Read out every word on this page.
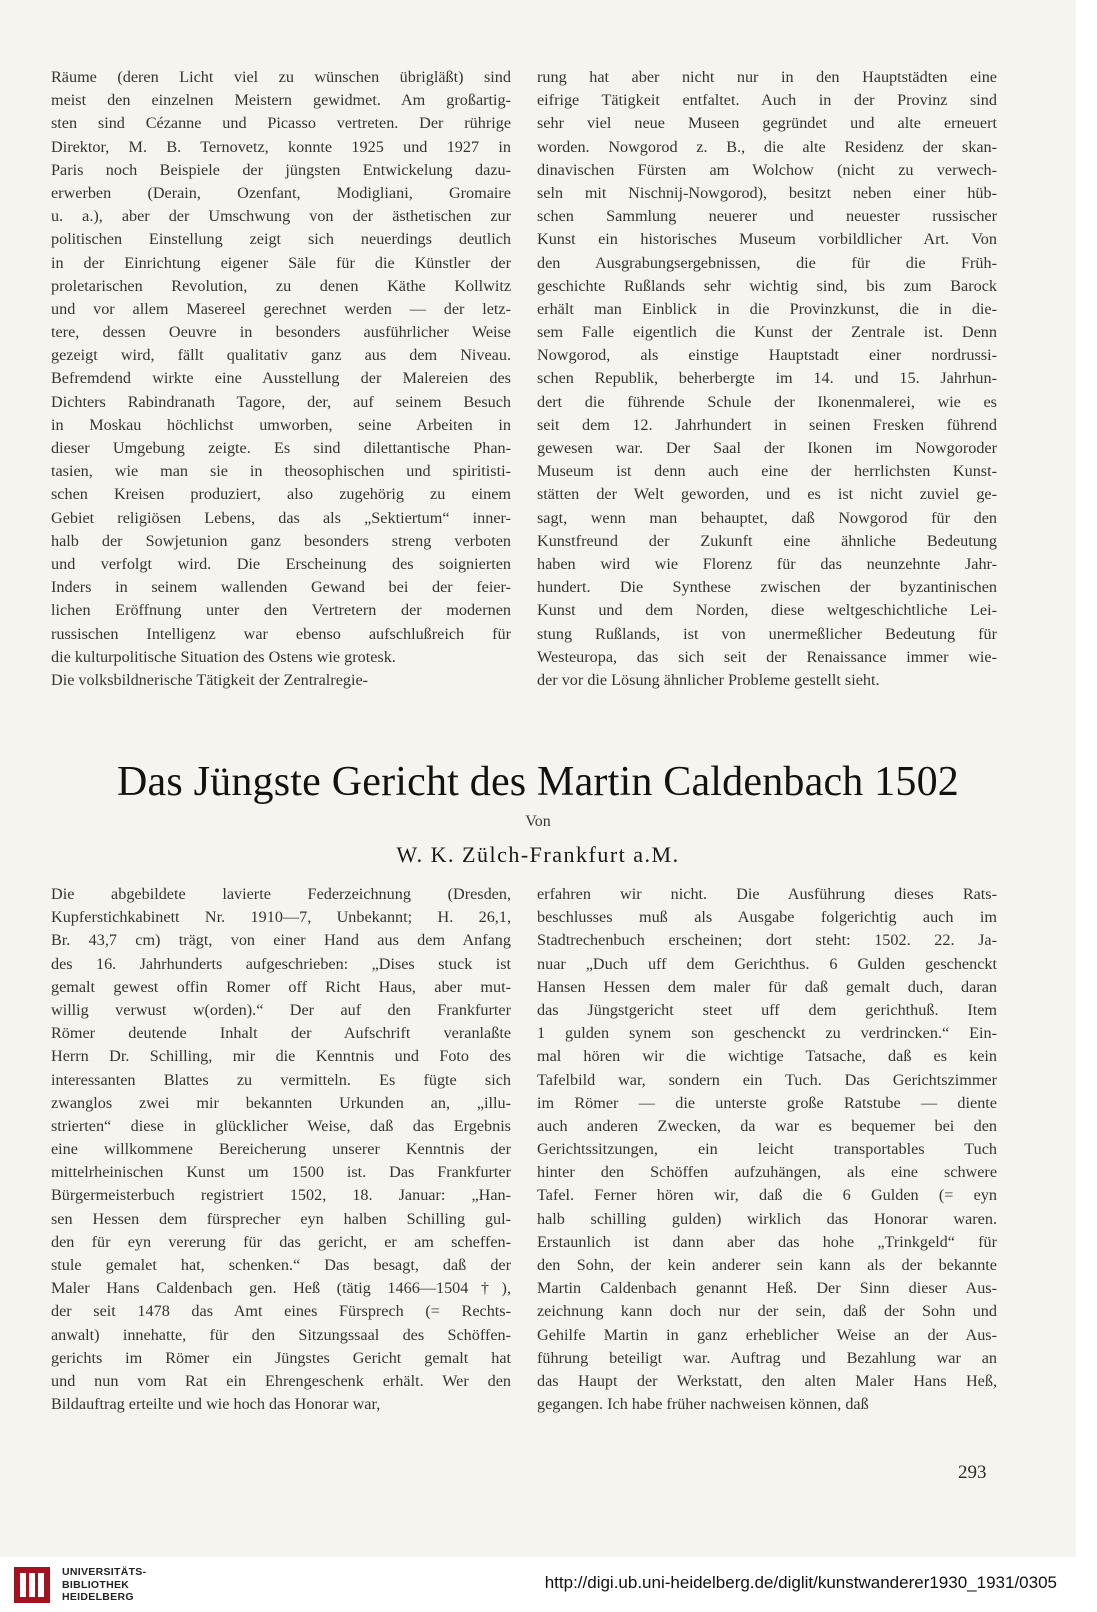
Räume (deren Licht viel zu wünschen übrigläßt) sind
meist den einzelnen Meistern gewidmet. Am großartig-
sten sind Cézanne und Picasso vertreten. Der rührige
Direktor, M. B. Ternovetz, konnte 1925 und 1927 in
Paris noch Beispiele der jüngsten Entwickelung dazu-
erwerben (Derain, Ozenfant, Modigliani, Gromaire
u. a.), aber der Umschwung von der ästhetischen zur
politischen Einstellung zeigt sich neuerdings deutlich
in der Einrichtung eigener Säle für die Künstler der
proletarischen Revolution, zu denen Käthe Kollwitz
und vor allem Masereel gerechnet werden — der letz-
tere, dessen Oeuvre in besonders ausführlicher Weise
gezeigt wird, fällt qualitativ ganz aus dem Niveau.
Befremdend wirkte eine Ausstellung der Malereien des
Dichters Rabindranath Tagore, der, auf seinem Besuch
in Moskau höchlichst umworben, seine Arbeiten in
dieser Umgebung zeigte. Es sind dilettantische Phan-
tasien, wie man sie in theosophischen und spiritisti-
schen Kreisen produziert, also zugehörig zu einem
Gebiet religiösen Lebens, das als „Sektiertum“ inner-
halb der Sowjetunion ganz besonders streng verboten
und verfolgt wird. Die Erscheinung des soignierten
Inders in seinem wallenden Gewand bei der feier-
lichen Eröffnung unter den Vertretern der modernen
russischen Intelligenz war ebenso aufschlußreich für
die kulturpolitische Situation des Ostens wie grotesk.
Die volksbildnerische Tätigkeit der Zentralregie-
rung hat aber nicht nur in den Hauptstädten eine
eifrige Tätigkeit entfaltet. Auch in der Provinz sind
sehr viel neue Museen gegründet und alte erneuert
worden. Nowgorod z. B., die alte Residenz der skan-
dinavischen Fürsten am Wolchow (nicht zu verwech-
seln mit Nischnij-Nowgorod), besitzt neben einer hüb-
schen Sammlung neuerer und neuester russischer
Kunst ein historisches Museum vorbildlicher Art. Von
den Ausgrabungsergebnissen, die für die Früh-
geschichte Rußlands sehr wichtig sind, bis zum Barock
erhält man Einblick in die Provinzkunst, die in die-
sem Falle eigentlich die Kunst der Zentrale ist. Denn
Nowgorod, als einstige Hauptstadt einer nordrussi-
schen Republik, beherbergte im 14. und 15. Jahrhun-
dert die führende Schule der Ikonenmalerei, wie es
seit dem 12. Jahrhundert in seinen Fresken führend
gewesen war. Der Saal der Ikonen im Nowgoroder
Museum ist denn auch eine der herrlichsten Kunst-
stätten der Welt geworden, und es ist nicht zuviel ge-
sagt, wenn man behauptet, daß Nowgorod für den
Kunstfreund der Zukunft eine ähnliche Bedeutung
haben wird wie Florenz für das neunzehnte Jahr-
hundert. Die Synthese zwischen der byzantinischen
Kunst und dem Norden, diese weltgeschichtliche Lei-
stung Rußlands, ist von unermeßlicher Bedeutung für
Westeuropa, das sich seit der Renaissance immer wie-
der vor die Lösung ähnlicher Probleme gestellt sieht.
Das Jüngste Gericht des Martin Caldenbach 1502
Von
W. K. Zülch-Frankfurt a.M.
Die abgebildete lavierte Federzeichnung (Dresden,
Kupferstichkabinett Nr. 1910—7, Unbekannt; H. 26,1,
Br. 43,7 cm) trägt, von einer Hand aus dem Anfang
des 16. Jahrhunderts aufgeschrieben: „Dises stuck ist
gemalt gewest offin Romer off Richt Haus, aber mut-
willig verwust w(orden).“ Der auf den Frankfurter
Römer deutende Inhalt der Aufschrift veranlaßte
Herrn Dr. Schilling, mir die Kenntnis und Foto des
interessanten Blattes zu vermitteln. Es fügte sich
zwanglos zwei mir bekannten Urkunden an, „illu-
strierten“ diese in glücklicher Weise, daß das Ergebnis
eine willkommene Bereicherung unserer Kenntnis der
mittelrheinischen Kunst um 1500 ist. Das Frankfurter
Bürgermeisterbuch registriert 1502, 18. Januar: „Han-
sen Hessen dem fürsprecher eyn halben Schilling gul-
den für eyn vererung für das gericht, er am scheffen-
stule gemalet hat, schenken.“ Das besagt, daß der
Maler Hans Caldenbach gen. Heß (tätig 1466—1504†),
der seit 1478 das Amt eines Fürsprech (= Rechts-
anwalt) innehatte, für den Sitzungssaal des Schöffen-
gerichts im Römer ein Jüngstes Gericht gemalt hat
und nun vom Rat ein Ehrengeschenk erhält. Wer den
Bildauftrag erteilte und wie hoch das Honorar war,
erfahren wir nicht. Die Ausführung dieses Rats-
beschlusses muß als Ausgabe folgerichtig auch im
Stadtrechenbuch erscheinen; dort steht: 1502. 22. Ja-
nuar „Duch uff dem Gerichthus. 6 Gulden geschenckt
Hansen Hessen dem maler für daß gemalt duch, daran
das Jüngstgericht steet uff dem gerichthuß. Item
1 gulden synem son geschenckt zu verdrincken.“ Ein-
mal hören wir die wichtige Tatsache, daß es kein
Tafelbild war, sondern ein Tuch. Das Gerichtszimmer
im Römer — die unterste große Ratstube — diente
auch anderen Zwecken, da war es bequemer bei den
Gerichtssitzungen, ein leicht transportables Tuch
hinter den Schöffen aufzuhängen, als eine schwere
Tafel. Ferner hören wir, daß die 6 Gulden (= eyn
halb schilling gulden) wirklich das Honorar waren.
Erstaunlich ist dann aber das hohe „Trinkgeld“ für
den Sohn, der kein anderer sein kann als der bekannte
Martin Caldenbach genannt Heß. Der Sinn dieser Aus-
zeichnung kann doch nur der sein, daß der Sohn und
Gehilfe Martin in ganz erheblicher Weise an der Aus-
führung beteiligt war. Auftrag und Bezahlung war an
das Haupt der Werkstatt, den alten Maler Hans Heß,
gegangen. Ich habe früher nachweisen können, daß
293
UNIVERSITÄTS-
BIBLIOTHEK
HEIDELBERG
http://digi.ub.uni-heidelberg.de/diglit/kunstwanderer1930_1931/0305
